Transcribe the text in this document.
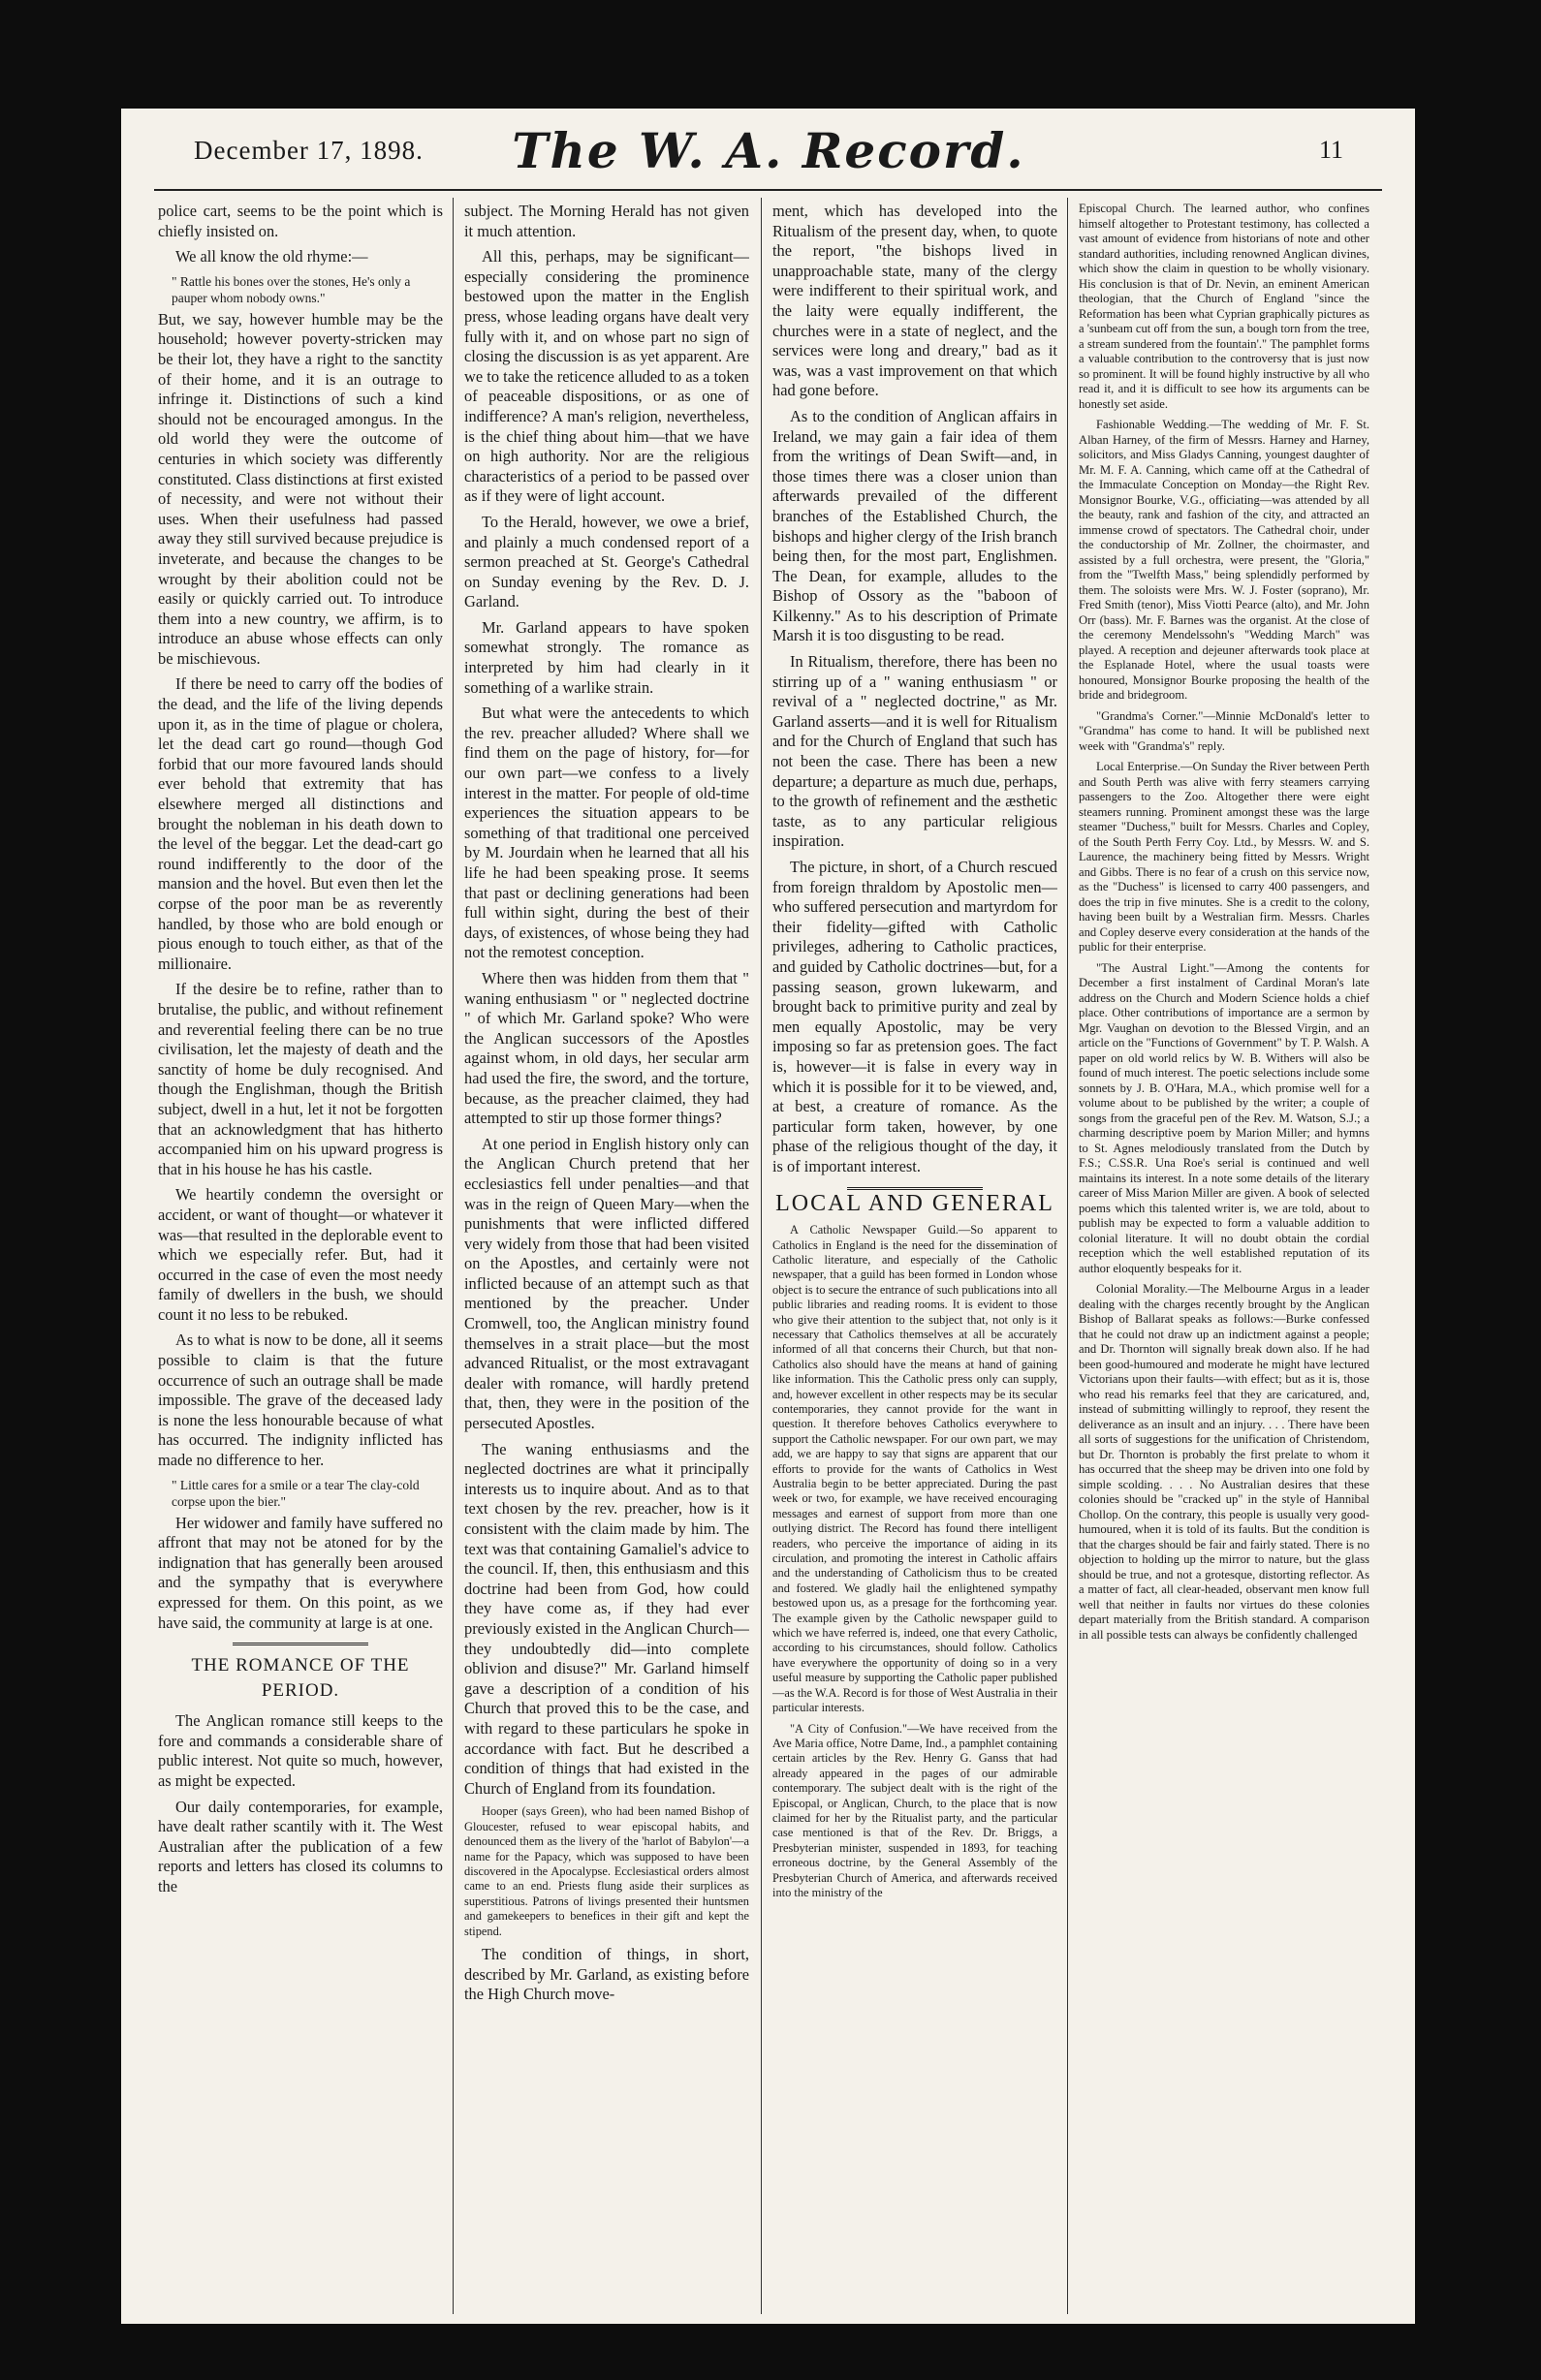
December 17, 1898.	The W. A. Record.	11

police cart, seems to be the point which is chiefly insisted on.

We all know the old rhyme:—

" Rattle his bones over the stones, He's only a pauper whom nobody owns."

But, we say, however humble may be the household; however poverty-stricken may be their lot, they have a right to the sanctity of their home, and it is an outrage to infringe it. Distinctions of such a kind should not be encouraged amongus. In the old world they were the outcome of centuries in which society was differently constituted. Class distinctions at first existed of necessity, and were not without their uses. When their usefulness had passed away they still survived because prejudice is inveterate, and because the changes to be wrought by their abolition could not be easily or quickly carried out. To introduce them into a new country, we affirm, is to introduce an abuse whose effects can only be mischievous.

If there be need to carry off the bodies of the dead, and the life of the living depends upon it, as in the time of plague or cholera, let the dead cart go round—though God forbid that our more favoured lands should ever behold that extremity that has elsewhere merged all distinctions and brought the nobleman in his death down to the level of the beggar. Let the dead-cart go round indifferently to the door of the mansion and the hovel. But even then let the corpse of the poor man be as reverently handled, by those who are bold enough or pious enough to touch either, as that of the millionaire.

If the desire be to refine, rather than to brutalise, the public, and without refinement and reverential feeling there can be no true civilisation, let the majesty of death and the sanctity of home be duly recognised. And though the Englishman, though the British subject, dwell in a hut, let it not be forgotten that an acknowledgment that has hitherto accompanied him on his upward progress is that in his house he has his castle.

We heartily condemn the oversight or accident, or want of thought—or whatever it was—that resulted in the deplorable event to which we especially refer. But, had it occurred in the case of even the most needy family of dwellers in the bush, we should count it no less to be rebuked.

As to what is now to be done, all it seems possible to claim is that the future occurrence of such an outrage shall be made impossible. The grave of the deceased lady is none the less honourable because of what has occurred. The indignity inflicted has made no difference to her.

" Little cares for a smile or a tear The clay-cold corpse upon the bier."

Her widower and family have suffered no affront that may not be atoned for by the indignation that has generally been aroused and the sympathy that is everywhere expressed for them. On this point, as we have said, the community at large is at one.

THE ROMANCE OF THE PERIOD.

The Anglican romance still keeps to the fore and commands a considerable share of public interest. Not quite so much, however, as might be expected.

Our daily contemporaries, for example, have dealt rather scantily with it. The West Australian after the publication of a few reports and letters has closed its columns to the

subject. The Morning Herald has not given it much attention.

All this, perhaps, may be significant—especially considering the prominence bestowed upon the matter in the English press, whose leading organs have dealt very fully with it, and on whose part no sign of closing the discussion is as yet apparent. Are we to take the reticence alluded to as a token of peaceable dispositions, or as one of indifference? A man's religion, nevertheless, is the chief thing about him—that we have on high authority. Nor are the religious characteristics of a period to be passed over as if they were of light account.

To the Herald, however, we owe a brief, and plainly a much condensed report of a sermon preached at St. George's Cathedral on Sunday evening by the Rev. D. J. Garland.

Mr. Garland appears to have spoken somewhat strongly. The romance as interpreted by him had clearly in it something of a warlike strain.

But what were the antecedents to which the rev. preacher alluded? Where shall we find them on the page of history, for—for our own part—we confess to a lively interest in the matter. For people of old-time experiences the situation appears to be something of that traditional one perceived by M. Jourdain when he learned that all his life he had been speaking prose. It seems that past or declining generations had been full within sight, during the best of their days, of existences, of whose being they had not the remotest conception.

Where then was hidden from them that " waning enthusiasm " or " neglected doctrine " of which Mr. Garland spoke? Who were the Anglican successors of the Apostles against whom, in old days, her secular arm had used the fire, the sword, and the torture, because, as the preacher claimed, they had attempted to stir up those former things?

At one period in English history only can the Anglican Church pretend that her ecclesiastics fell under penalties—and that was in the reign of Queen Mary—when the punishments that were inflicted differed very widely from those that had been visited on the Apostles, and certainly were not inflicted because of an attempt such as that mentioned by the preacher. Under Cromwell, too, the Anglican ministry found themselves in a strait place—but the most advanced Ritualist, or the most extravagant dealer with romance, will hardly pretend that, then, they were in the position of the persecuted Apostles.

The waning enthusiasms and the neglected doctrines are what it principally interests us to inquire about. And as to that text chosen by the rev. preacher, how is it consistent with the claim made by him. The text was that containing Gamaliel's advice to the council. If, then, this enthusiasm and this doctrine had been from God, how could they have come as, if they had ever previously existed in the Anglican Church—they undoubtedly did—into complete oblivion and disuse?" Mr. Garland himself gave a description of a condition of his Church that proved this to be the case, and with regard to these particulars he spoke in accordance with fact. But he described a condition of things that had existed in the Church of England from its foundation.

Hooper (says Green), who had been named Bishop of Gloucester, refused to wear episcopal habits, and denounced them as the livery of the 'harlot of Babylon'—a name for the Papacy, which was supposed to have been discovered in the Apocalypse. Ecclesiastical orders almost came to an end. Priests flung aside their surplices as superstitious. Patrons of livings presented their huntsmen and gamekeepers to benefices in their gift and kept the stipend.

The condition of things, in short, described by Mr. Garland, as existing before the High Church move-

ment, which has developed into the Ritualism of the present day, when, to quote the report, "the bishops lived in unapproachable state, many of the clergy were indifferent to their spiritual work, and the laity were equally indifferent, the churches were in a state of neglect, and the services were long and dreary," bad as it was, was a vast improvement on that which had gone before.

As to the condition of Anglican affairs in Ireland, we may gain a fair idea of them from the writings of Dean Swift—and, in those times there was a closer union than afterwards prevailed of the different branches of the Established Church, the bishops and higher clergy of the Irish branch being then, for the most part, Englishmen. The Dean, for example, alludes to the Bishop of Ossory as the "baboon of Kilkenny." As to his description of Primate Marsh it is too disgusting to be read.

In Ritualism, therefore, there has been no stirring up of a " waning enthusiasm " or revival of a " neglected doctrine," as Mr. Garland asserts—and it is well for Ritualism and for the Church of England that such has not been the case. There has been a new departure; a departure as much due, perhaps, to the growth of refinement and the æsthetic taste, as to any particular religious inspiration.

The picture, in short, of a Church rescued from foreign thraldom by Apostolic men—who suffered persecution and martyrdom for their fidelity—gifted with Catholic privileges, adhering to Catholic practices, and guided by Catholic doctrines—but, for a passing season, grown lukewarm, and brought back to primitive purity and zeal by men equally Apostolic, may be very imposing so far as pretension goes. The fact is, however—it is false in every way in which it is possible for it to be viewed, and, at best, a creature of romance. As the particular form taken, however, by one phase of the religious thought of the day, it is of important interest.

LOCAL AND GENERAL

A Catholic Newspaper Guild.—So apparent to Catholics in England is the need for the dissemination of Catholic literature, and especially of the Catholic newspaper, that a guild has been formed in London whose object is to secure the entrance of such publications into all public libraries and reading rooms. It is evident to those who give their attention to the subject that, not only is it necessary that Catholics themselves at all be accurately informed of all that concerns their Church, but that non-Catholics also should have the means at hand of gaining like information. This the Catholic press only can supply, and, however excellent in other respects may be its secular contemporaries, they cannot provide for the want in question. It therefore behoves Catholics everywhere to support the Catholic newspaper. For our own part, we may add, we are happy to say that signs are apparent that our efforts to provide for the wants of Catholics in West Australia begin to be better appreciated. During the past week or two, for example, we have received encouraging messages and earnest of support from more than one outlying district. The Record has found there intelligent readers, who perceive the importance of aiding in its circulation, and promoting the interest in Catholic affairs and the understanding of Catholicism thus to be created and fostered. We gladly hail the enlightened sympathy bestowed upon us, as a presage for the forthcoming year. The example given by the Catholic newspaper guild to which we have referred is, indeed, one that every Catholic, according to his circumstances, should follow. Catholics have everywhere the opportunity of doing so in a very useful measure by supporting the Catholic paper published—as the W.A. Record is for those of West Australia in their particular interests.

"A City of Confusion."—We have received from the Ave Maria office, Notre Dame, Ind., a pamphlet containing certain articles by the Rev. Henry G. Ganss that had already appeared in the pages of our admirable contemporary. The subject dealt with is the right of the Episcopal, or Anglican, Church, to the place that is now claimed for her by the Ritualist party, and the particular case mentioned is that of the Rev. Dr. Briggs, a Presbyterian minister, suspended in 1893, for teaching erroneous doctrine, by the General Assembly of the Presbyterian Church of America, and afterwards received into the ministry of the

Episcopal Church. The learned author, who confines himself altogether to Protestant testimony, has collected a vast amount of evidence from historians of note and other standard authorities, including renowned Anglican divines, which show the claim in question to be wholly visionary. His conclusion is that of Dr. Nevin, an eminent American theologian, that the Church of England "since the Reformation has been what Cyprian graphically pictures as a 'sunbeam cut off from the sun, a bough torn from the tree, a stream sundered from the fountain'." The pamphlet forms a valuable contribution to the controversy that is just now so prominent. It will be found highly instructive by all who read it, and it is difficult to see how its arguments can be honestly set aside.

Fashionable Wedding.—The wedding of Mr. F. St. Alban Harney, of the firm of Messrs. Harney and Harney, solicitors, and Miss Gladys Canning, youngest daughter of Mr. M. F. A. Canning, which came off at the Cathedral of the Immaculate Conception on Monday—the Right Rev. Monsignor Bourke, V.G., officiating—was attended by all the beauty, rank and fashion of the city, and attracted an immense crowd of spectators. The Cathedral choir, under the conductorship of Mr. Zollner, the choirmaster, and assisted by a full orchestra, were present, the "Gloria," from the "Twelfth Mass," being splendidly performed by them. The soloists were Mrs. W. J. Foster (soprano), Mr. Fred Smith (tenor), Miss Viotti Pearce (alto), and Mr. John Orr (bass). Mr. F. Barnes was the organist. At the close of the ceremony Mendelssohn's "Wedding March" was played. A reception and dejeuner afterwards took place at the Esplanade Hotel, where the usual toasts were honoured, Monsignor Bourke proposing the health of the bride and bridegroom.

"Grandma's Corner."—Minnie McDonald's letter to "Grandma" has come to hand. It will be published next week with "Grandma's" reply.

Local Enterprise.—On Sunday the River between Perth and South Perth was alive with ferry steamers carrying passengers to the Zoo. Altogether there were eight steamers running. Prominent amongst these was the large steamer "Duchess," built for Messrs. Charles and Copley, of the South Perth Ferry Coy. Ltd., by Messrs. W. and S. Laurence, the machinery being fitted by Messrs. Wright and Gibbs. There is no fear of a crush on this service now, as the "Duchess" is licensed to carry 400 passengers, and does the trip in five minutes. She is a credit to the colony, having been built by a Westralian firm. Messrs. Charles and Copley deserve every consideration at the hands of the public for their enterprise.

"The Austral Light."—Among the contents for December a first instalment of Cardinal Moran's late address on the Church and Modern Science holds a chief place. Other contributions of importance are a sermon by Mgr. Vaughan on devotion to the Blessed Virgin, and an article on the "Functions of Government" by T. P. Walsh. A paper on old world relics by W. B. Withers will also be found of much interest. The poetic selections include some sonnets by J. B. O'Hara, M.A., which promise well for a volume about to be published by the writer; a couple of songs from the graceful pen of the Rev. M. Watson, S.J.; a charming descriptive poem by Marion Miller; and hymns to St. Agnes melodiously translated from the Dutch by F.S.; C.SS.R. Una Roe's serial is continued and well maintains its interest. In a note some details of the literary career of Miss Marion Miller are given. A book of selected poems which this talented writer is, we are told, about to publish may be expected to form a valuable addition to colonial literature. It will no doubt obtain the cordial reception which the well established reputation of its author eloquently bespeaks for it.

Colonial Morality.—The Melbourne Argus in a leader dealing with the charges recently brought by the Anglican Bishop of Ballarat speaks as follows:—Burke confessed that he could not draw up an indictment against a people; and Dr. Thornton will signally break down also. If he had been good-humoured and moderate he might have lectured Victorians upon their faults—with effect; but as it is, those who read his remarks feel that they are caricatured, and, instead of submitting willingly to reproof, they resent the deliverance as an insult and an injury. . . . There have been all sorts of suggestions for the unification of Christendom, but Dr. Thornton is probably the first prelate to whom it has occurred that the sheep may be driven into one fold by simple scolding. . . . No Australian desires that these colonies should be "cracked up" in the style of Hannibal Chollop. On the contrary, this people is usually very good-humoured, when it is told of its faults. But the condition is that the charges should be fair and fairly stated. There is no objection to holding up the mirror to nature, but the glass should be true, and not a grotesque, distorting reflector. As a matter of fact, all clear-headed, observant men know full well that neither in faults nor virtues do these colonies depart materially from the British standard. A comparison in all possible tests can always be confidently challenged
